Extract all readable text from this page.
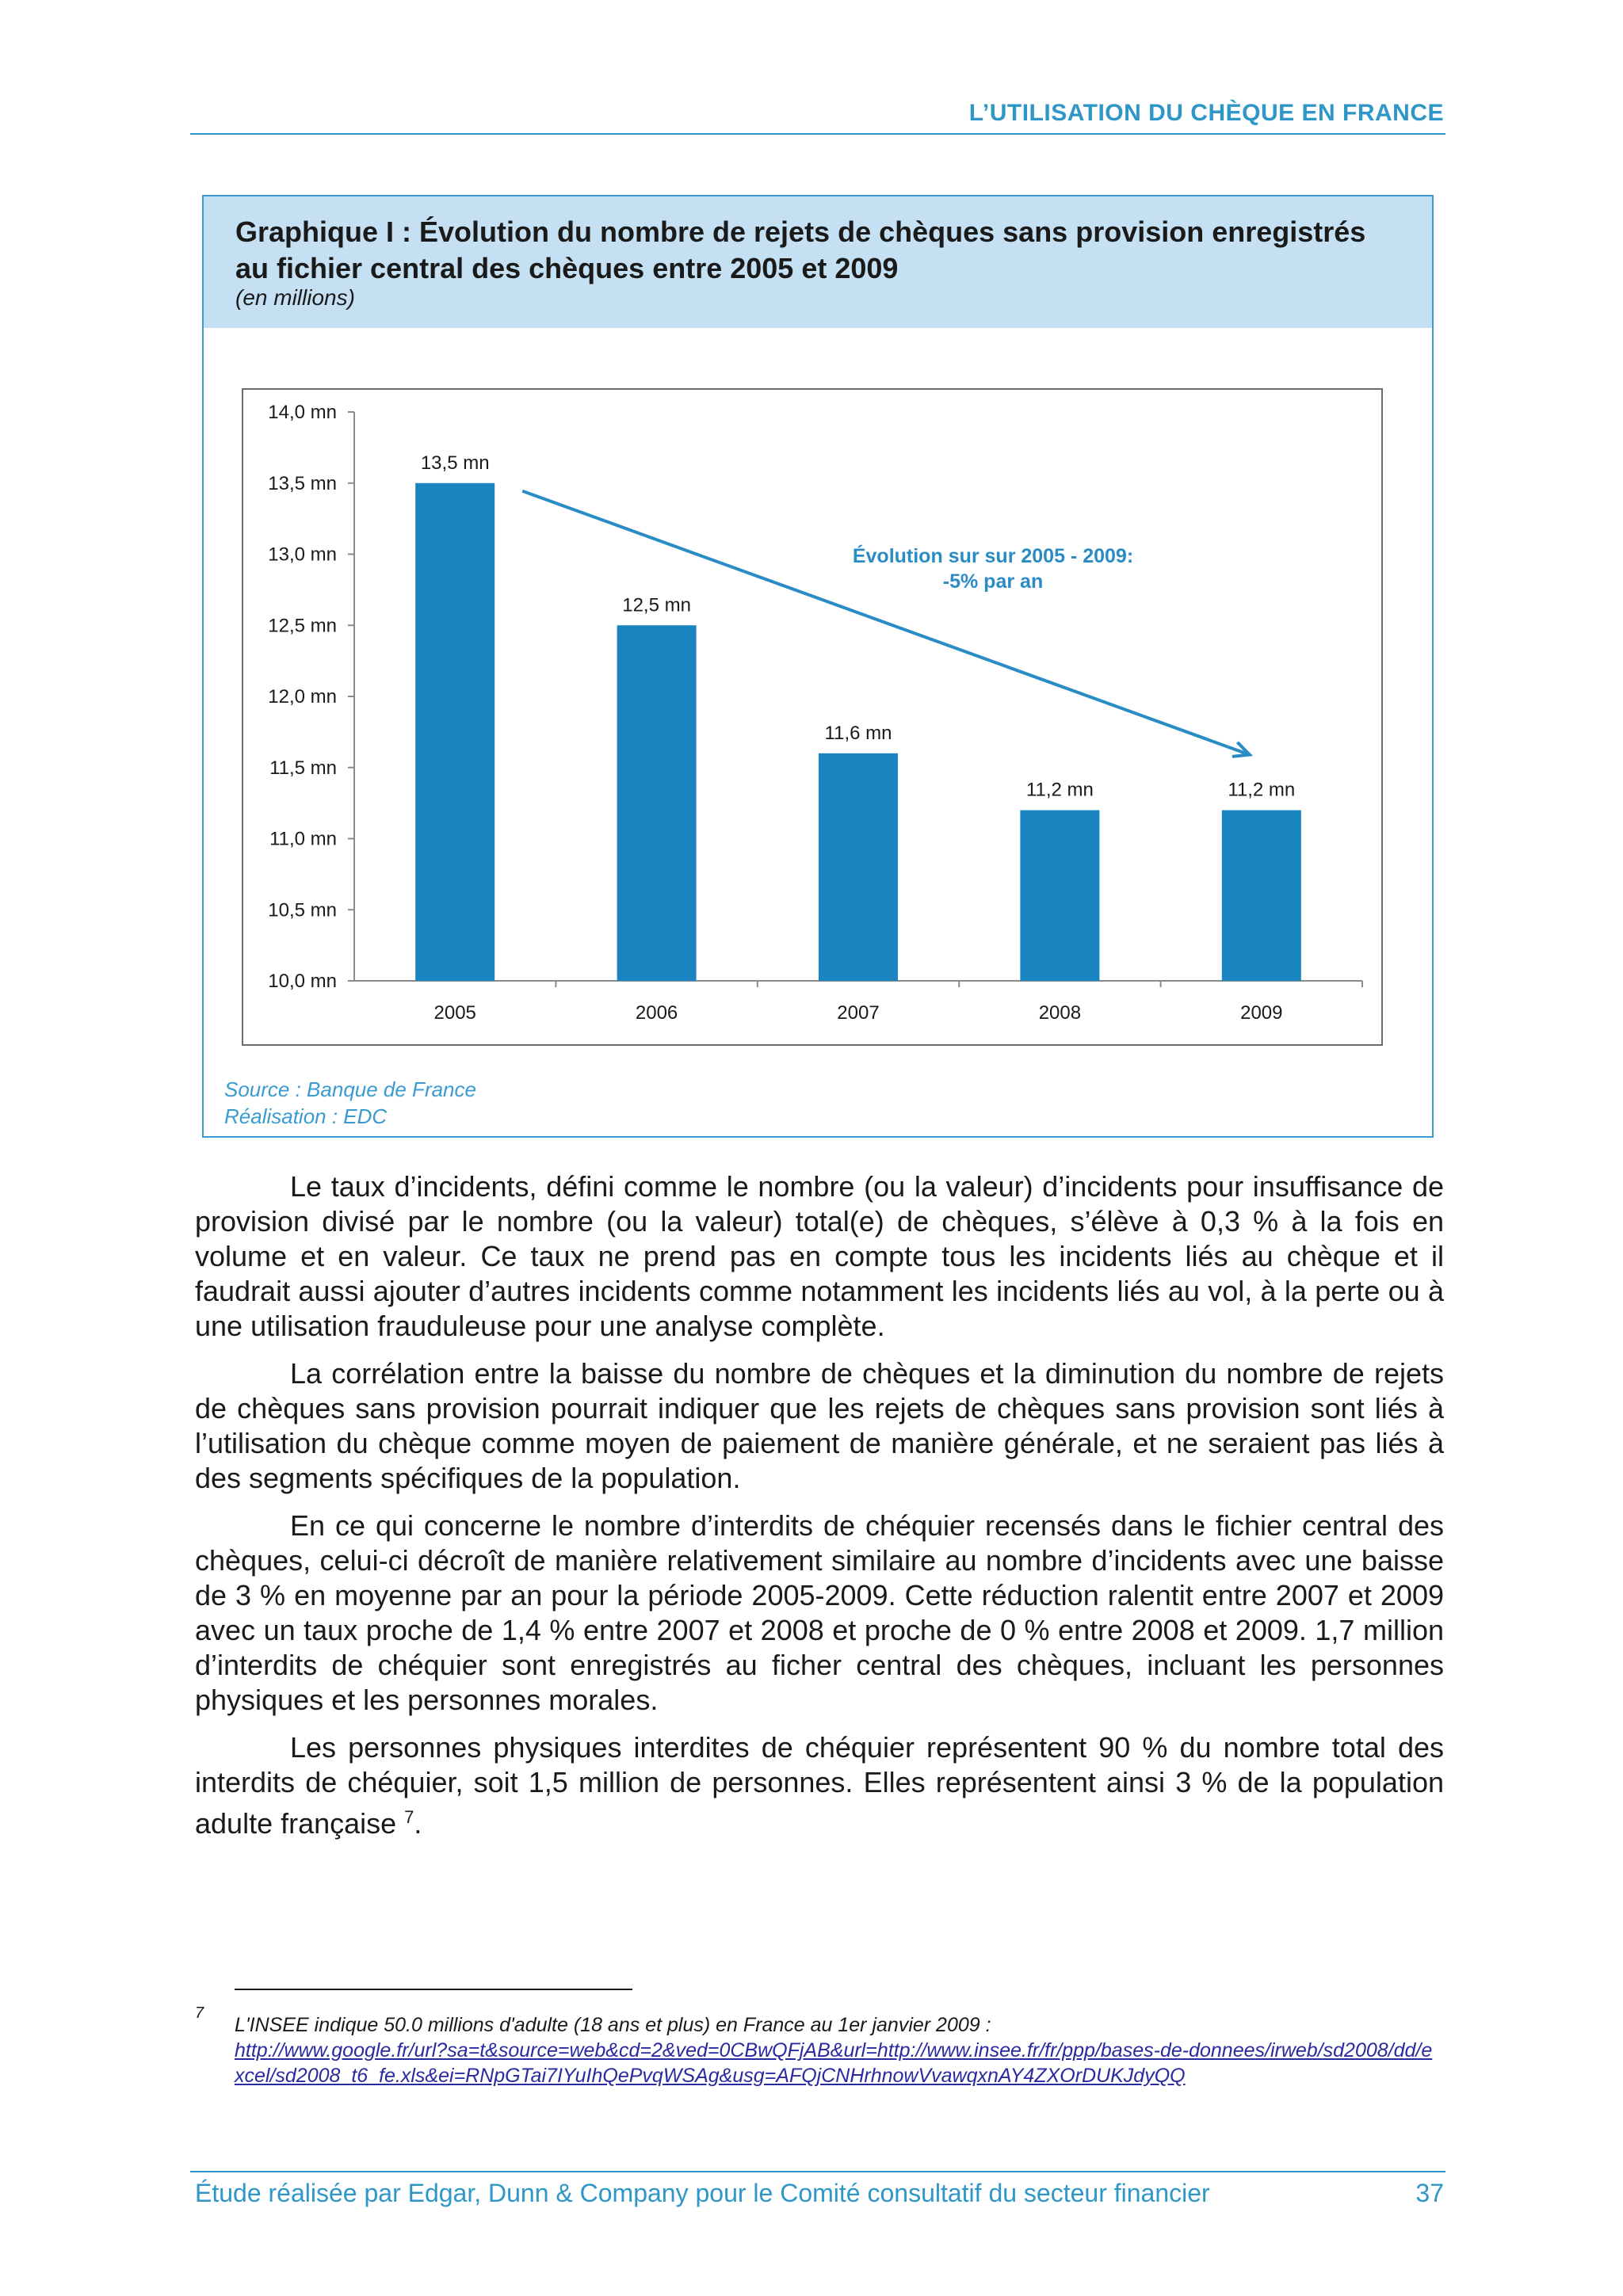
L’UTILISATION DU CHÈQUE EN FRANCE
Graphique I : Évolution du nombre de rejets de chèques sans provision enregistrés au fichier central des chèques entre 2005 et 2009
(en millions)
10,0 mn
10,5 mn
11,0 mn
11,5 mn
12,0 mn
12,5 mn
13,0 mn
13,5 mn
14,0 mn
13,5 mn
2005
12,5 mn
2006
11,6 mn
2007
11,2 mn
2008
11,2 mn
2009
Évolution sur sur 2005 - 2009:
-5% par an
Source : Banque de France
Réalisation : EDC

Le taux d’incidents, défini comme le nombre (ou la valeur) d’incidents pour insuffisance de provision divisé par le nombre (ou la valeur) total(e) de chèques, s’élève à 0,3 % à la fois en volume et en valeur. Ce taux ne prend pas en compte tous les incidents liés au chèque et il faudrait aussi ajouter d’autres incidents comme notamment les incidents liés au vol, à la perte ou à une utilisation frauduleuse pour une analyse complète.

La corrélation entre la baisse du nombre de chèques et la diminution du nombre de rejets de chèques sans provision pourrait indiquer que les rejets de chèques sans provision sont liés à l’utilisation du chèque comme moyen de paiement de manière générale, et ne seraient pas liés à des segments spécifiques de la population.

En ce qui concerne le nombre d’interdits de chéquier recensés dans le fichier central des chèques, celui-ci décroît de manière relativement similaire au nombre d’incidents avec une baisse de 3 % en moyenne par an pour la période 2005-2009. Cette réduction ralentit entre 2007 et 2009 avec un taux proche de 1,4 % entre 2007 et 2008 et proche de 0 % entre 2008 et 2009. 1,7 million d’interdits de chéquier sont enregistrés au ficher central des chèques, incluant les personnes physiques et les personnes morales.

Les personnes physiques interdites de chéquier représentent 90 % du nombre total des interdits de chéquier, soit 1,5 million de personnes. Elles représentent ainsi 3 % de la population adulte française $^7$.

7
L'INSEE indique 50.0 millions d'adulte (18 ans et plus) en France au 1er janvier 2009 :
http://www.google.fr/url?sa=t&source=web&cd=2&ved=0CBwQFjAB&url=http://www.insee.fr/fr/ppp/bases-de-donnees/irweb/sd2008/dd/excel/sd2008_t6_fe.xls&ei=RNpGTai7IYuIhQePvqWSAg&usg=AFQjCNHrhnowVvawqxnAY4ZXOrDUKJdyQQ
Étude réalisée par Edgar, Dunn & Company pour le Comité consultatif du secteur financier	37
